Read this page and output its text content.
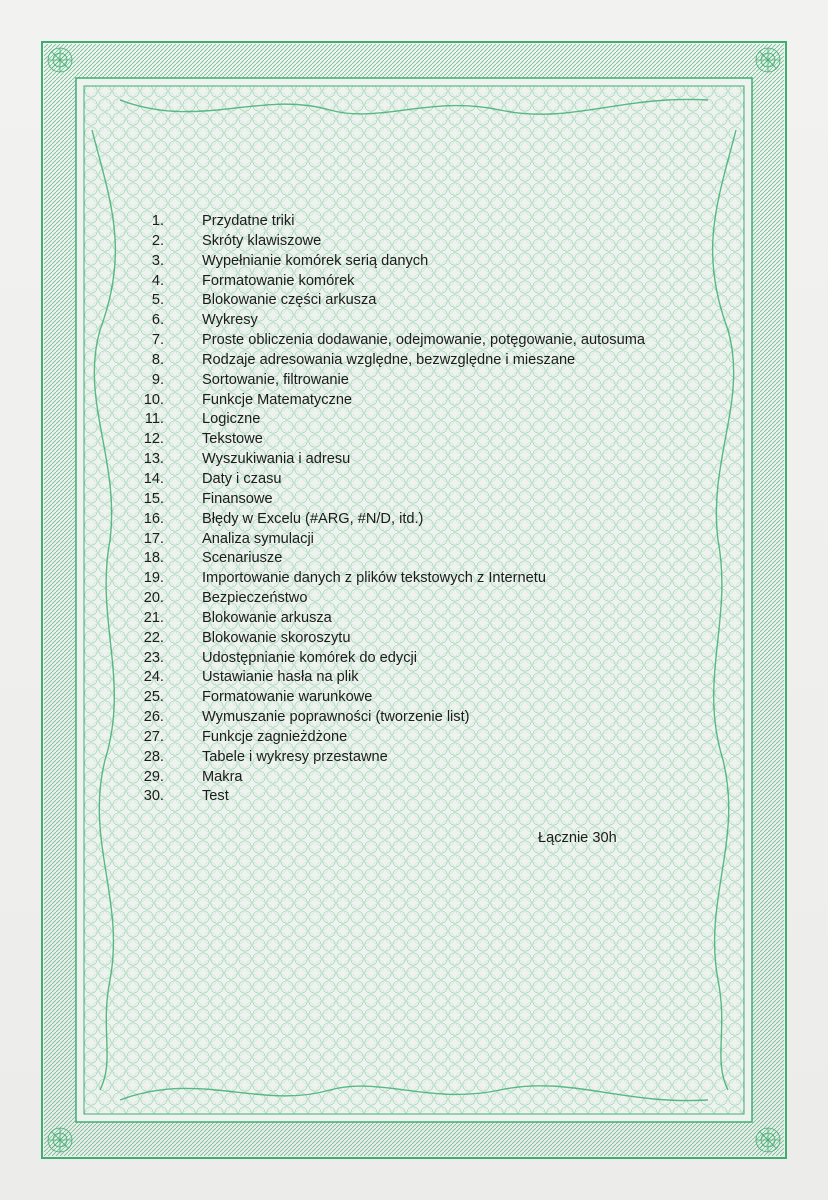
1.	Przydatne triki
2.	Skróty klawiszowe
3.	Wypełnianie komórek serią danych
4.	Formatowanie komórek
5.	Blokowanie części arkusza
6.	Wykresy
7.	Proste obliczenia dodawanie, odejmowanie, potęgowanie, autosuma
8.	Rodzaje adresowania względne, bezwzględne i mieszane
9.	Sortowanie, filtrowanie
10.	Funkcje Matematyczne
11.	Logiczne
12.	Tekstowe
13.	Wyszukiwania i adresu
14.	Daty i czasu
15.	Finansowe
16.	Błędy w Excelu (#ARG, #N/D, itd.)
17.	Analiza symulacji
18.	Scenariusze
19.	Importowanie danych z plików tekstowych z Internetu
20.	Bezpieczeństwo
21.	Blokowanie arkusza
22.	Blokowanie skoroszytu
23.	Udostępnianie komórek do edycji
24.	Ustawianie hasła na plik
25.	Formatowanie warunkowe
26.	Wymuszanie poprawności (tworzenie list)
27.	Funkcje zagnieżdżone
28.	Tabele i wykresy przestawne
29.	Makra
30.	Test
Łącznie 30h
